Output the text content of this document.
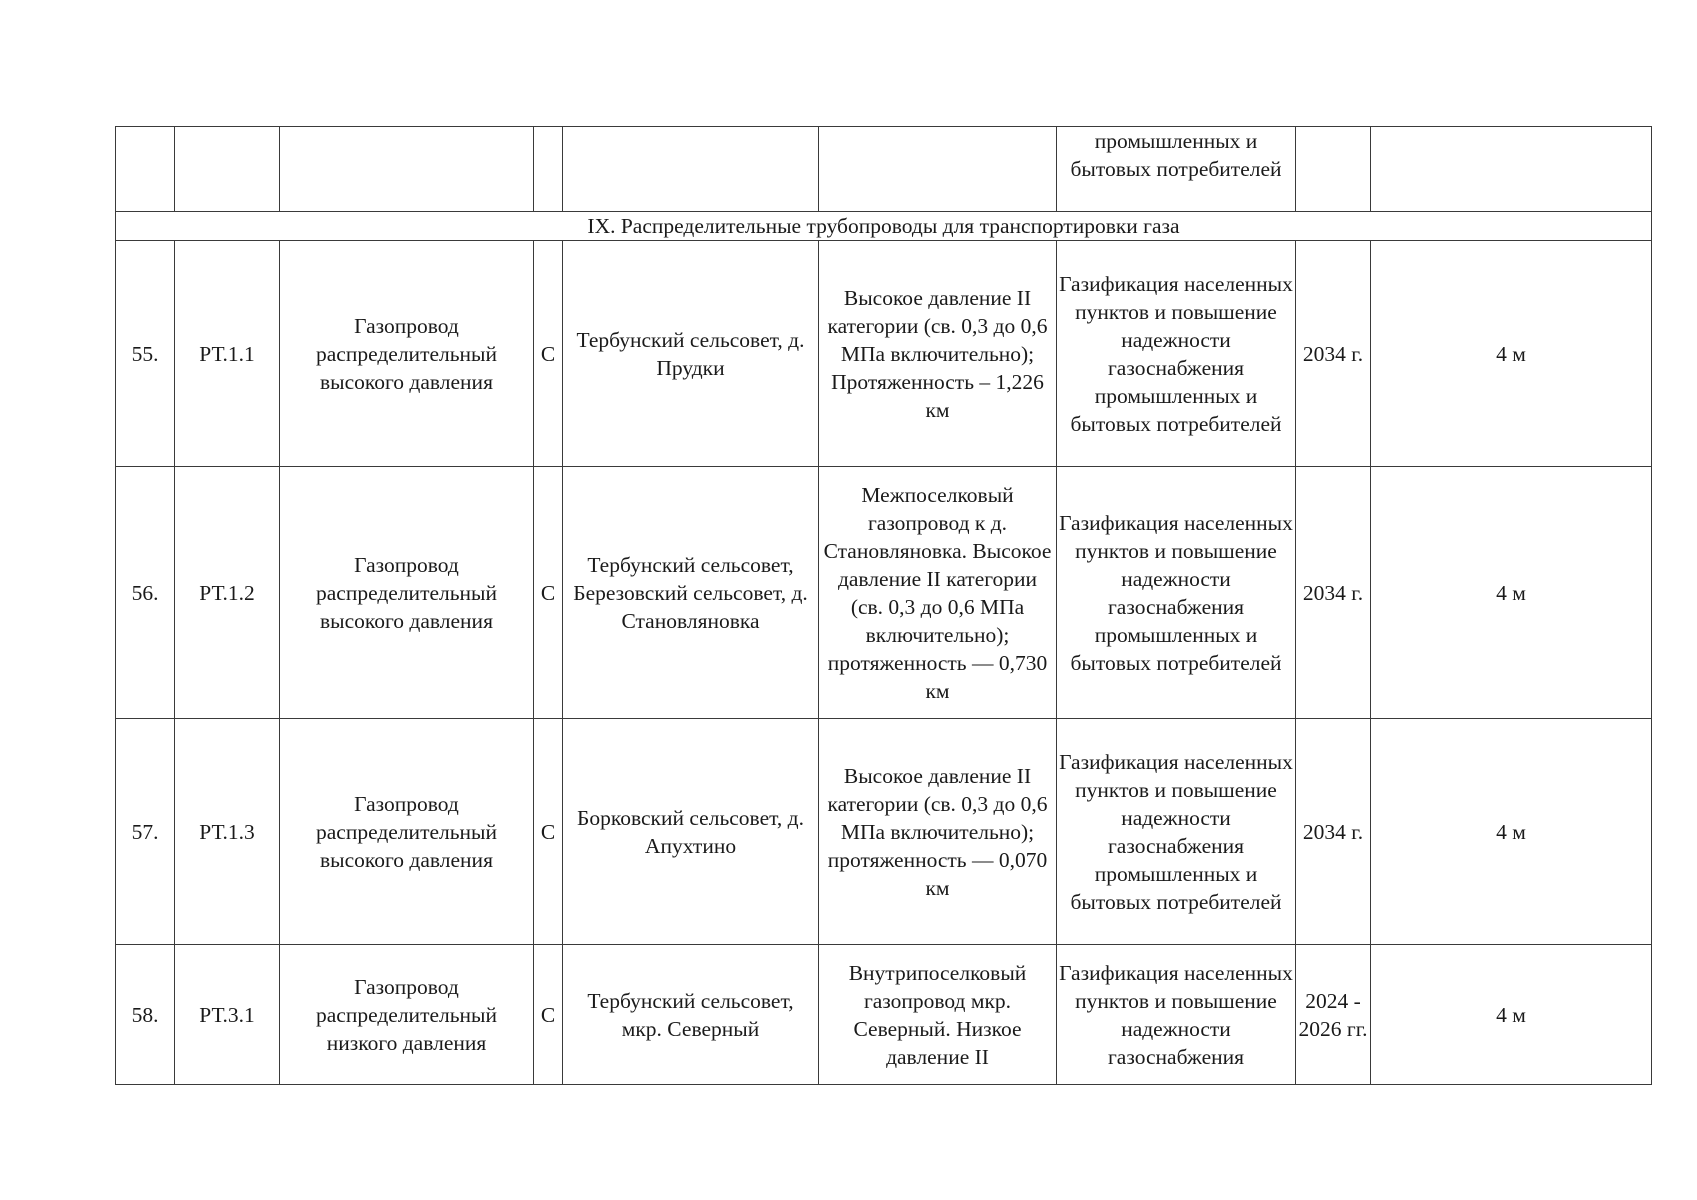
						промышленных и бытовых потребителей		

IX. Распределительные трубопроводы для транспортировки газа								
55.	РТ.1.1	Газопровод распределительный высокого давления	С	Тербунский сельсовет, д. Прудки	Высокое давление II категории (св. 0,3 до 0,6 МПа включительно); Протяженность – 1,226 км	Газификация населенных пунктов и повышение надежности газоснабжения промышленных и бытовых потребителей	2034 г.	4 м
56.	РТ.1.2	Газопровод распределительный высокого давления	С	Тербунский сельсовет, Березовский сельсовет, д. Становляновка	Межпоселковый газопровод к д. Становляновка. Высокое давление II категории (св. 0,3 до 0,6 МПа включительно); протяженность — 0,730 км	Газификация населенных пунктов и повышение надежности газоснабжения промышленных и бытовых потребителей	2034 г.	4 м
57.	РТ.1.3	Газопровод распределительный высокого давления	С	Борковский сельсовет, д. Апухтино	Высокое давление II категории (св. 0,3 до 0,6 МПа включительно); протяженность — 0,070 км	Газификация населенных пунктов и повышение надежности газоснабжения промышленных и бытовых потребителей	2034 г.	4 м
58.	РТ.3.1	Газопровод распределительный низкого давления	С	Тербунский сельсовет, мкр. Северный	Внутрипоселковый газопровод мкр. Северный. Низкое давление II	Газификация населенных пунктов и повышение надежности газоснабжения	2024 - 2026 гг.	4 м
